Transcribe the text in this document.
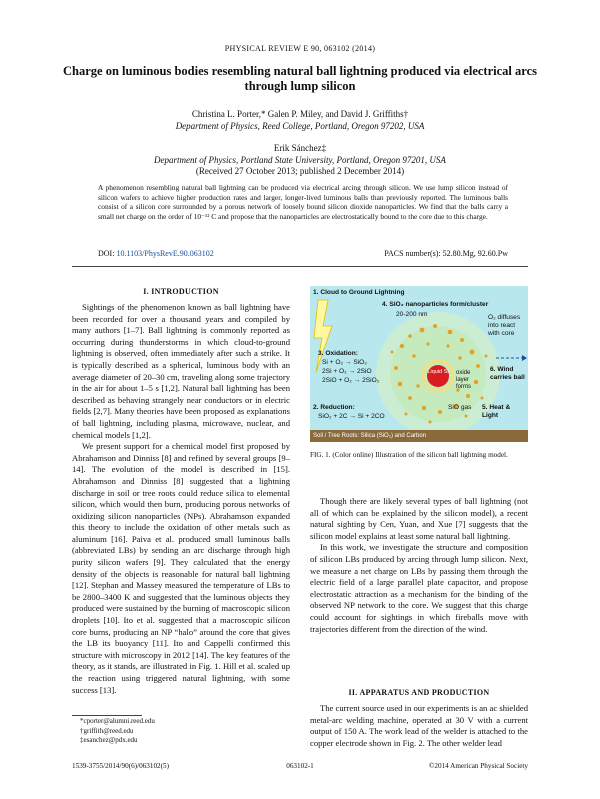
PHYSICAL REVIEW E 90, 063102 (2014)
Charge on luminous bodies resembling natural ball lightning produced via electrical arcs through lump silicon
Christina L. Porter,* Galen P. Miley, and David J. Griffiths†
Department of Physics, Reed College, Portland, Oregon 97202, USA
Erik Sánchez‡
Department of Physics, Portland State University, Portland, Oregon 97201, USA
(Received 27 October 2013; published 2 December 2014)
A phenomenon resembling natural ball lightning can be produced via electrical arcing through silicon. We use lump silicon instead of silicon wafers to achieve higher production rates and larger, longer-lived luminous balls than previously reported. The luminous balls consist of a silicon core surrounded by a porous network of loosely bound silicon dioxide nanoparticles. We find that the balls carry a small net charge on the order of 10⁻¹² C and propose that the nanoparticles are electrostatically bound to the core due to this charge.
DOI: 10.1103/PhysRevE.90.063102	PACS number(s): 52.80.Mg, 92.60.Pw
I. INTRODUCTION

Sightings of the phenomenon known as ball lightning have been recorded for over a thousand years and compiled by many authors [1–7]. Ball lightning is commonly reported as occurring during thunderstorms in which cloud-to-ground lightning is observed, often immediately after such a strike. It is typically described as a spherical, luminous body with an average diameter of 20–30 cm, traveling along some trajectory in the air for about 1–5 s [1,2]. Natural ball lightning has been described as behaving strangely near conductors or in electric fields [2,7]. Many theories have been proposed as explanations of ball lightning, including plasma, microwave, nuclear, and chemical models [1,2].

We present support for a chemical model first proposed by Abrahamson and Dinniss [8] and refined by several groups [9–14]. The evolution of the model is described in [15]. Abrahamson and Dinniss [8] suggested that a lightning discharge in soil or tree roots could reduce silica to elemental silicon, which would then burn, producing porous networks of oxidizing silicon nanoparticles (NPs). Abrahamson expanded this theory to include the oxidation of other metals such as aluminum [16]. Paiva et al. produced small luminous balls (abbreviated LBs) by sending an arc discharge through high purity silicon wafers [9]. They calculated that the energy density of the objects is reasonable for natural ball lightning [12]. Stephan and Massey measured the temperature of LBs to be 2800–3400 K and suggested that the luminous objects they produced were sustained by the burning of macroscopic silicon droplets [10]. Ito et al. suggested that a macroscopic silicon core burns, producing an NP “halo” around the core that gives the LB its buoyancy [11]. Ito and Cappelli confirmed this structure with microscopy in 2012 [14]. The key features of the theory, as it stands, are illustrated in Fig. 1. Hill et al. scaled up the reaction using triggered natural lightning, with some success [13].

*cporter@alumni.reed.edu
†griffith@reed.edu
‡esanchez@pdx.edu
1. Cloud to Ground Lightning
4. SiO₂ nanoparticles form/cluster
20-200 nm	O₂ diffuses into react with core
3. Oxidation:
Si + O₂ → SiO₂
2Si + O₂ → 2SiO
2SiO + O₂ → 2SiO₂
Liquid Si	oxide layer forms
6. Wind carries ball
2. Reduction:
SiO₂ + 2C → Si + 2CO
SiO gas 5. Heat & Light
Soil / Tree Roots: Silica (SiO₂) and Carbon
FIG. 1. (Color online) Illustration of the silicon ball lightning model.

Though there are likely several types of ball lightning (not all of which can be explained by the silicon model), a recent natural sighting by Cen, Yuan, and Xue [7] suggests that the silicon model explains at least some natural ball lightning.

In this work, we investigate the structure and composition of silicon LBs produced by arcing through lump silicon. Next, we measure a net charge on LBs by passing them through the electric field of a large parallel plate capacitor, and propose electrostatic attraction as a mechanism for the binding of the observed NP network to the core. We suggest that this charge could account for sightings in which fireballs move with trajectories different from the direction of the wind.

II. APPARATUS AND PRODUCTION

The current source used in our experiments is an ac shielded metal-arc welding machine, operated at 30 V with a current output of 150 A. The work lead of the welder is attached to the copper electrode shown in Fig. 2. The other welder lead

1539-3755/2014/90(6)/063102(5)	063102-1	©2014 American Physical Society
